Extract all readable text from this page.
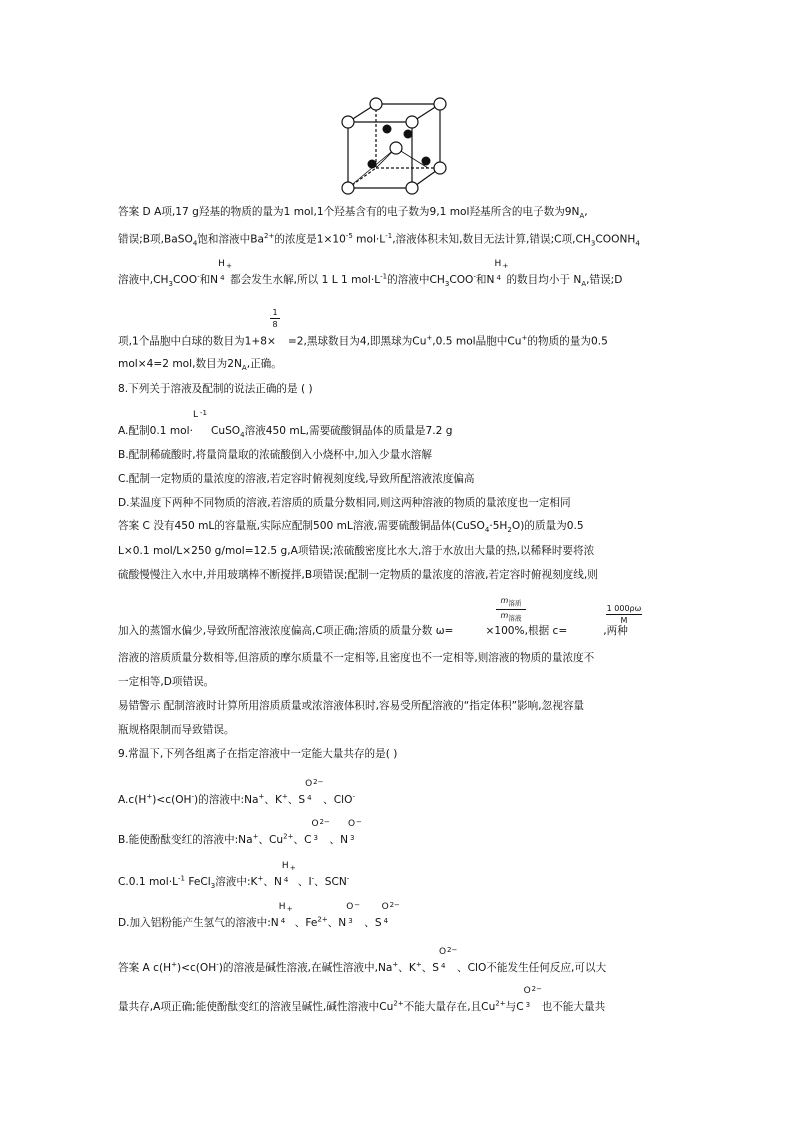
答案 D A项,17 g羟基的物质的量为1 mol,1个羟基含有的电子数为9,1 mol羟基所含的电子数为$9N_A$,
错误;B项,BaSO$_4$饱和溶液中$Ba^{2+}$的浓度是$1\times 10^{-5}$ $mol\cdot L^{-1}$,溶液体积未知,数目无法计算,错误;C项$,CH_3COONH_4$
溶液中$,CH_3COO^-$和N
H +
4 都会发生水解,所以 1 L 1 $mol\cdot L^{-1}$的溶液中$CH_3COO^-$和N
H +
4 的数目均小于 $N_A$,错误;D
1
8
项,1个晶胞中白球的数目为1+8× =2,黑球数目为4,即黑球为Cu+,0.5 mol晶胞中Cu+的物质的量为0.5
mol×4=2 mol,数目为$2N_A$,正确。
8.下列关于溶液及配制的说法正确的是 ( )
A.配制0.1 mol·
L -1
CuSO$_4$溶液450 mL,需要硫酸铜晶体的质量是7.2 g
B.配制稀硫酸时,将量筒量取的浓硫酸倒入小烧杯中,加入少量水溶解
C.配制一定物质的量浓度的溶液,若定容时俯视刻度线,导致所配溶液浓度偏高
D.某温度下两种不同物质的溶液,若溶质的质量分数相同,则这两种溶液的物质的量浓度也一定相同
答案 C 没有450 mL的容量瓶,实际应配制500 mL溶液,需要硫酸铜晶体$(CuSO_4\cdot 5H_2O)$的质量为0.5
L×0.1 mol/L×250 g/mol=12.5 g,A项错误;浓硫酸密度比水大,溶于水放出大量的热,以稀释时要将浓
硫酸慢慢注入水中,并用玻璃棒不断搅拌,B项错误;配制一定物质的量浓度的溶液,若定容时俯视刻度线,则
$m_{溶质}$
$m_{溶液}$
1 000ρω
M
加入的蒸馏水偏少,导致所配溶液浓度偏高,C项正确;溶质的质量分数 ω=	×100%,根据 c=	,两种
溶液的溶质质量分数相等,但溶质的摩尔质量不一定相等,且密度也不一定相等,则溶液的物质的量浓度不
一定相等,D项错误。
易错警示 配制溶液时计算所用溶质质量或浓溶液体积时,容易受所配溶液的“指定体积”影响,忽视容量
瓶规格限制而导致错误。
9.常温下,下列各组离子在指定溶液中一定能大量共存的是( )
A.c(H+)<c(OH-)的溶液中:Na+、K+、S
O 2−
4 、ClO-
B.能使酚酞变红的溶液中:Na+、$Cu^{2+}$、C
O 2−
3 、N
O −
3
C.0.1 $mol\cdot L^{-1}$ FeCl$_3$溶液中:K+、N
H +
4 、I-、SCN-
D.加入铝粉能产生氢气的溶液中:N
H +
4 、$Fe^{2+}$、N
O −
3 、S
O 2−
4
答案 A c(H+)<c(OH-)的溶液是碱性溶液,在碱性溶液中,Na+、K+、S
O 2−
4 、ClO不能发生任何反应,可以大
量共存,A项正确;能使酚酞变红的溶液呈碱性,碱性溶液中$Cu^{2+}$不能大量存在,且$Cu^{2+}$与C
O 2−
3 也不能大量共
